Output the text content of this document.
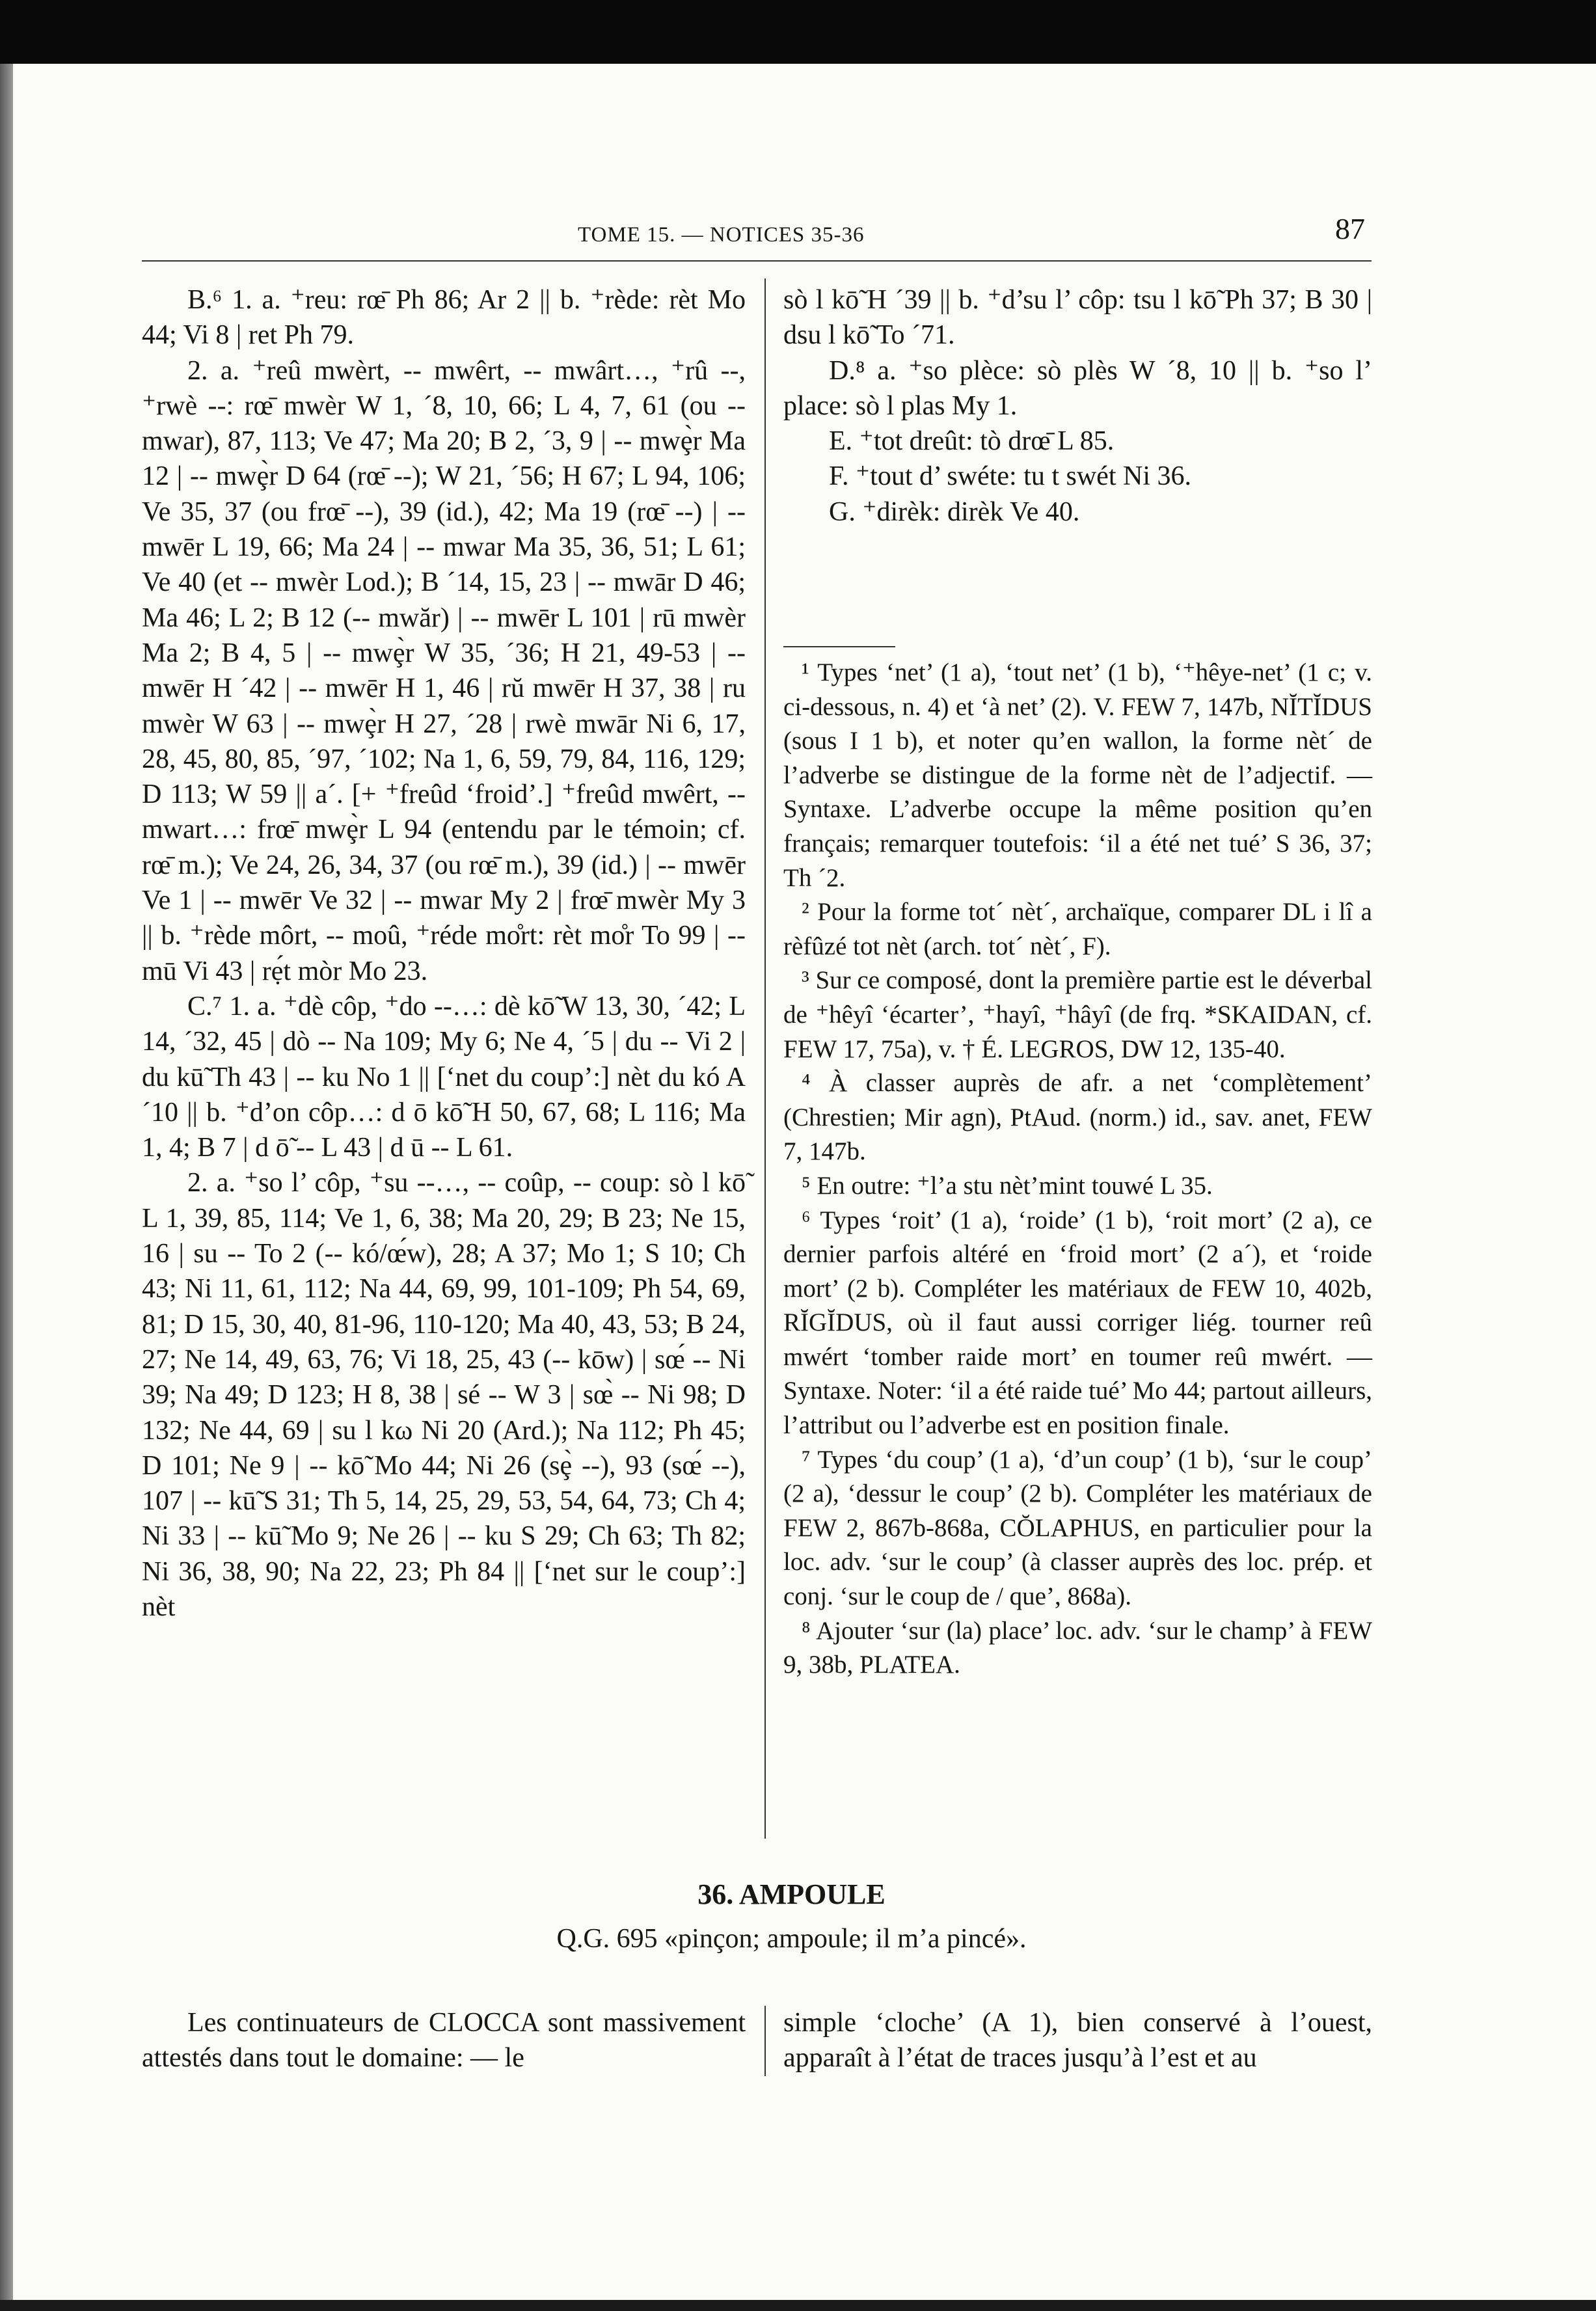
TOME 15. — NOTICES 35-36	87

B.⁶ 1. a. ⁺reu: rœ̄ Ph 86; Ar 2 || b. ⁺rède: rèt Mo 44; Vi 8 | ret Ph 79.

2. a. ⁺reû mwèrt, -- mwêrt, -- mwârt…, ⁺rû --, ⁺rwè --: rœ̄ mwèr W 1, ´8, 10, 66; L 4, 7, 61 (ou -- mwar), 87, 113; Ve 47; Ma 20; B 2, ´3, 9 | -- mwȩ̀r Ma 12 | -- mwȩ̀r D 64 (rœ̄ --); W 21, ´56; H 67; L 94, 106; Ve 35, 37 (ou frœ̄ --), 39 (id.), 42; Ma 19 (rœ̄ --) | -- mwēr L 19, 66; Ma 24 | -- mwar Ma 35, 36, 51; L 61; Ve 40 (et -- mwèr Lod.); B ´14, 15, 23 | -- mwār D 46; Ma 46; L 2; B 12 (-- mwăr) | -- mwēr L 101 | rū mwèr Ma 2; B 4, 5 | -- mwȩ̀r W 35, ´36; H 21, 49-53 | -- mwēr H ´42 | -- mwēr H 1, 46 | rŭ mwēr H 37, 38 | ru mwèr W 63 | -- mwȩ̀r H 27, ´28 | rwè mwār Ni 6, 17, 28, 45, 80, 85, ´97, ´102; Na 1, 6, 59, 79, 84, 116, 129; D 113; W 59 || a´. [+ ⁺freûd ‘froid’.] ⁺freûd mwêrt, -- mwart…: frœ̄ mwȩ̀r L 94 (entendu par le témoin; cf. rœ̄ m.); Ve 24, 26, 34, 37 (ou rœ̄ m.), 39 (id.) | -- mwēr Ve 1 | -- mwēr Ve 32 | -- mwar My 2 | frœ̄ mwèr My 3 || b. ⁺rède môrt, -- moû, ⁺réde mo̊rt: rèt mo̊r To 99 | -- mū Vi 43 | rẹ́t mòr Mo 23.

C.⁷ 1. a. ⁺dè côp, ⁺do --…: dè kō̃ W 13, 30, ´42; L 14, ´32, 45 | dò -- Na 109; My 6; Ne 4, ´5 | du -- Vi 2 | du kū̃ Th 43 | -- ku No 1 || [‘net du coup’:] nèt du kó A ´10 || b. ⁺d’on côp…: d ō kō̃ H 50, 67, 68; L 116; Ma 1, 4; B 7 | d ō̃ -- L 43 | d ū -- L 61.

2. a. ⁺so l’ côp, ⁺su --…, -- coûp, -- coup: sò l kō̃ L 1, 39, 85, 114; Ve 1, 6, 38; Ma 20, 29; B 23; Ne 15, 16 | su -- To 2 (-- kó/œ́w), 28; A 37; Mo 1; S 10; Ch 43; Ni 11, 61, 112; Na 44, 69, 99, 101-109; Ph 54, 69, 81; D 15, 30, 40, 81-96, 110-120; Ma 40, 43, 53; B 24, 27; Ne 14, 49, 63, 76; Vi 18, 25, 43 (-- kōw) | sœ́ -- Ni 39; Na 49; D 123; H 8, 38 | sé -- W 3 | sœ̀ -- Ni 98; D 132; Ne 44, 69 | su l kω Ni 20 (Ard.); Na 112; Ph 45; D 101; Ne 9 | -- kō̃ Mo 44; Ni 26 (sȩ̀ --), 93 (sœ́ --), 107 | -- kū̃ S 31; Th 5, 14, 25, 29, 53, 54, 64, 73; Ch 4; Ni 33 | -- kū̃ Mo 9; Ne 26 | -- ku S 29; Ch 63; Th 82; Ni 36, 38, 90; Na 22, 23; Ph 84 || [‘net sur le coup’:] nèt

sò l kō̃ H ´39 || b. ⁺d’su l’ côp: tsu l kō̃ Ph 37; B 30 | dsu l kō̃ To ´71.

D.⁸ a. ⁺so plèce: sò plès W ´8, 10 || b. ⁺so l’ place: sò l plas My 1.

E. ⁺tot dreût: tò drœ̄ L 85.

F. ⁺tout d’ swéte: tu t swét Ni 36.

G. ⁺dirèk: dirèk Ve 40.

¹ Types ‘net’ (1 a), ‘tout net’ (1 b), ‘⁺hêye-net’ (1 c; v. ci-dessous, n. 4) et ‘à net’ (2). V. FEW 7, 147b, NĬTĬDUS (sous I 1 b), et noter qu’en wallon, la forme nèt´ de l’adverbe se distingue de la forme nèt de l’adjectif. — Syntaxe. L’adverbe occupe la même position qu’en français; remarquer toutefois: ‘il a été net tué’ S 36, 37; Th ´2.

² Pour la forme tot´ nèt´, archaïque, comparer DL i lî a rèfûzé tot nèt (arch. tot´ nèt´, F).

³ Sur ce composé, dont la première partie est le déverbal de ⁺hêyî ‘écarter’, ⁺hayî, ⁺hâyî (de frq. *SKAIDAN, cf. FEW 17, 75a), v. † É. LEGROS, DW 12, 135-40.

⁴ À classer auprès de afr. a net ‘complètement’ (Chrestien; Mir agn), PtAud. (norm.) id., sav. anet, FEW 7, 147b.

⁵ En outre: ⁺l’a stu nèt’mint touwé L 35.

⁶ Types ‘roit’ (1 a), ‘roide’ (1 b), ‘roit mort’ (2 a), ce dernier parfois altéré en ‘froid mort’ (2 a´), et ‘roide mort’ (2 b). Compléter les matériaux de FEW 10, 402b, RĬGĬDUS, où il faut aussi corriger liég. tourner reû mwért ‘tomber raide mort’ en toumer reû mwért. — Syntaxe. Noter: ‘il a été raide tué’ Mo 44; partout ailleurs, l’attribut ou l’adverbe est en position finale.

⁷ Types ‘du coup’ (1 a), ‘d’un coup’ (1 b), ‘sur le coup’ (2 a), ‘dessur le coup’ (2 b). Compléter les matériaux de FEW 2, 867b-868a, CŎLAPHUS, en particulier pour la loc. adv. ‘sur le coup’ (à classer auprès des loc. prép. et conj. ‘sur le coup de / que’, 868a).

⁸ Ajouter ‘sur (la) place’ loc. adv. ‘sur le champ’ à FEW 9, 38b, PLATEA.

36. AMPOULE
Q.G. 695 «pinçon; ampoule; il m’a pincé».

Les continuateurs de CLOCCA sont massivement attestés dans tout le domaine: — le

simple ‘cloche’ (A 1), bien conservé à l’ouest, apparaît à l’état de traces jusqu’à l’est et au
